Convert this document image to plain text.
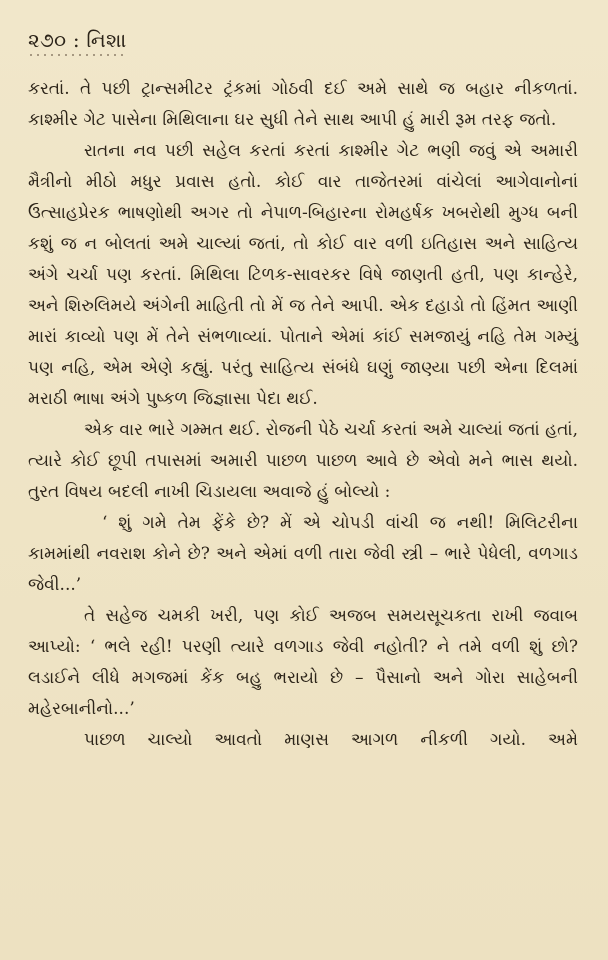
૨૭૦ : નિશા

કરતાં. તે પછી ટ્રાન્સમીટર ટ્રંકમાં ગોઠવી દઈ અમે સાથે જ બહાર નીકળતાં. કાશ્મીર ગેટ પાસેના મિથિલાના ઘર સુધી તેને સાથ આપી હું મારી રૂમ તરફ જતો.

રાતના નવ પછી સહેલ કરતાં કરતાં કાશ્મીર ગેટ ભણી જવું એ અમારી મૈત્રીનો મીઠો મધુર પ્રવાસ હતો. કોઈ વાર તાજેતરમાં વાંચેલાં આગેવાનોનાં ઉત્સાહપ્રેરક ભાષણોથી અગર તો નેપાળ-બિહારના રોમહર્ષક ખબરોથી મુગ્ધ બની કશું જ ન બોલતાં અમે ચાલ્યાં જતાં, તો કોઈ વાર વળી ઇતિહાસ અને સાહિત્ય અંગે ચર્ચા પણ કરતાં. મિથિલા ટિળક-સાવરકર વિષે જાણતી હતી, પણ કાન્હેરે, અને શિરુલિમયે અંગેની માહિતી તો મેં જ તેને આપી. એક દહાડો તો હિંમત આણી મારાં કાવ્યો પણ મેં તેને સંભળાવ્યાં. પોતાને એમાં કાંઈ સમજાયું નહિ તેમ ગમ્યું પણ નહિ, એમ એણે કહ્યું. પરંતુ સાહિત્ય સંબંધે ઘણું જાણ્યા પછી એના દિલમાં મરાઠી ભાષા અંગે પુષ્કળ જિજ્ઞાસા પેદા થઈ.

એક વાર ભારે ગમ્મત થઈ. રોજની પેઠે ચર્ચા કરતાં અમે ચાલ્યાં જતાં હતાં, ત્યારે કોઈ છૂપી તપાસમાં અમારી પાછળ પાછળ આવે છે એવો મને ભાસ થયો. તુરત વિષય બદલી નાખી ચિડાયલા અવાજે હું બોલ્યો :

‘ શું ગમે તેમ ફેંકે છે? મેં એ ચોપડી વાંચી જ નથી! મિલિટરીના કામમાંથી નવરાશ કોને છે? અને એમાં વળી તારા જેવી સ્ત્રી – ભારે પેધેલી, વળગાડ જેવી...’

તે સહેજ ચમકી ખરી, પણ કોઈ અજબ સમયસૂચકતા રાખી જવાબ આપ્યો: ‘ ભલે રહી! પરણી ત્યારે વળગાડ જેવી નહોતી? ને તમે વળી શું છો? લડાઈને લીધે મગજમાં કેંક બહુ ભરાયો છે – પૈસાનો અને ગોરા સાહેબની મહેરબાનીનો...’

પાછળ ચાલ્યો આવતો માણસ આગળ નીકળી ગયો. અમે
